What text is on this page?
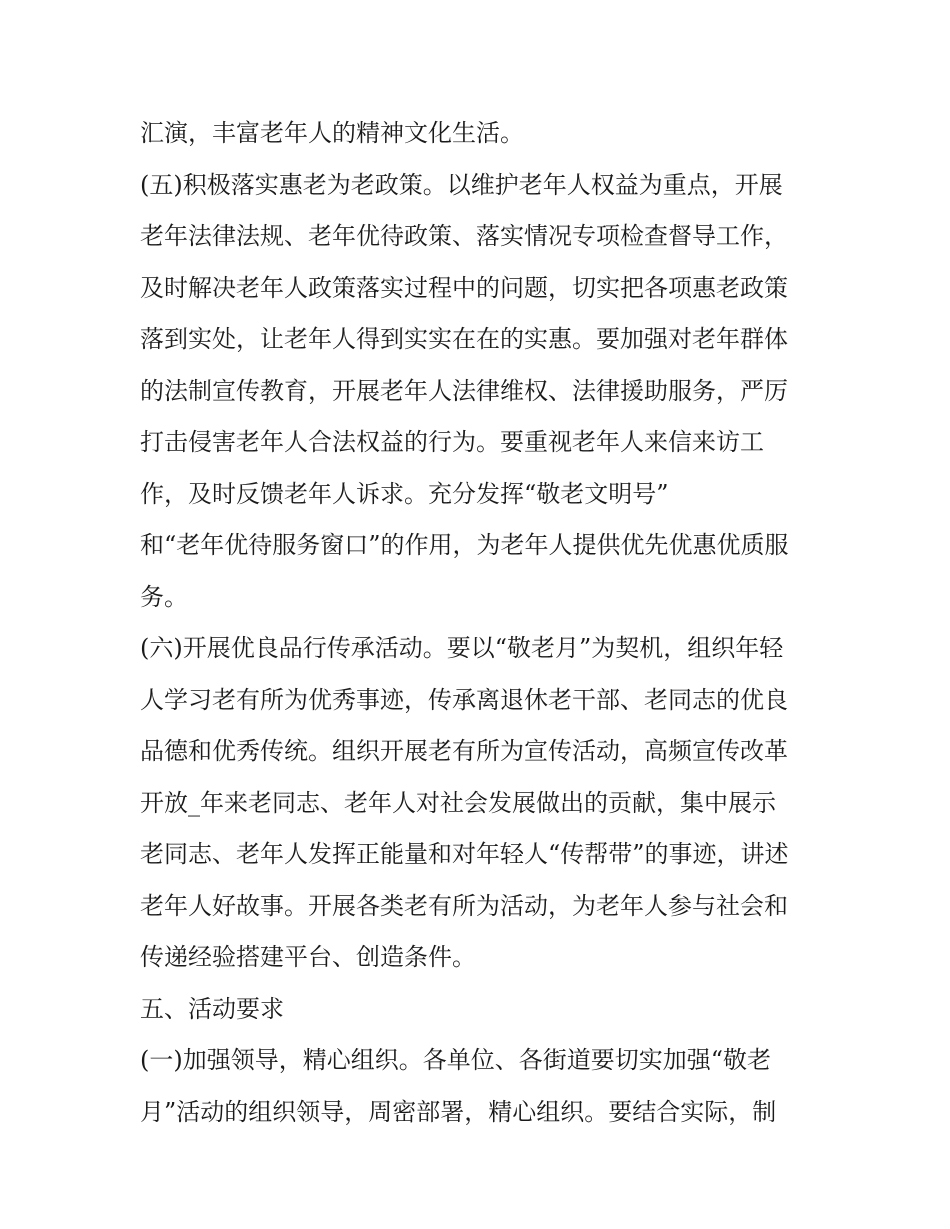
汇演，丰富老年人的精神文化生活。
(五)积极落实惠老为老政策。以维护老年人权益为重点，开展
老年法律法规、老年优待政策、落实情况专项检查督导工作，
及时解决老年人政策落实过程中的问题，切实把各项惠老政策
落到实处，让老年人得到实实在在的实惠。要加强对老年群体
的法制宣传教育，开展老年人法律维权、法律援助服务，严厉
打击侵害老年人合法权益的行为。要重视老年人来信来访工
作，及时反馈老年人诉求。充分发挥“敬老文明号”
和“老年优待服务窗口”的作用，为老年人提供优先优惠优质服
务。
(六)开展优良品行传承活动。要以“敬老月”为契机，组织年轻
人学习老有所为优秀事迹，传承离退休老干部、老同志的优良
品德和优秀传统。组织开展老有所为宣传活动，高频宣传改革
开放_年来老同志、老年人对社会发展做出的贡献，集中展示
老同志、老年人发挥正能量和对年轻人“传帮带”的事迹，讲述
老年人好故事。开展各类老有所为活动，为老年人参与社会和
传递经验搭建平台、创造条件。
五、活动要求
(一)加强领导，精心组织。各单位、各街道要切实加强“敬老
月”活动的组织领导，周密部署，精心组织。要结合实际，制
